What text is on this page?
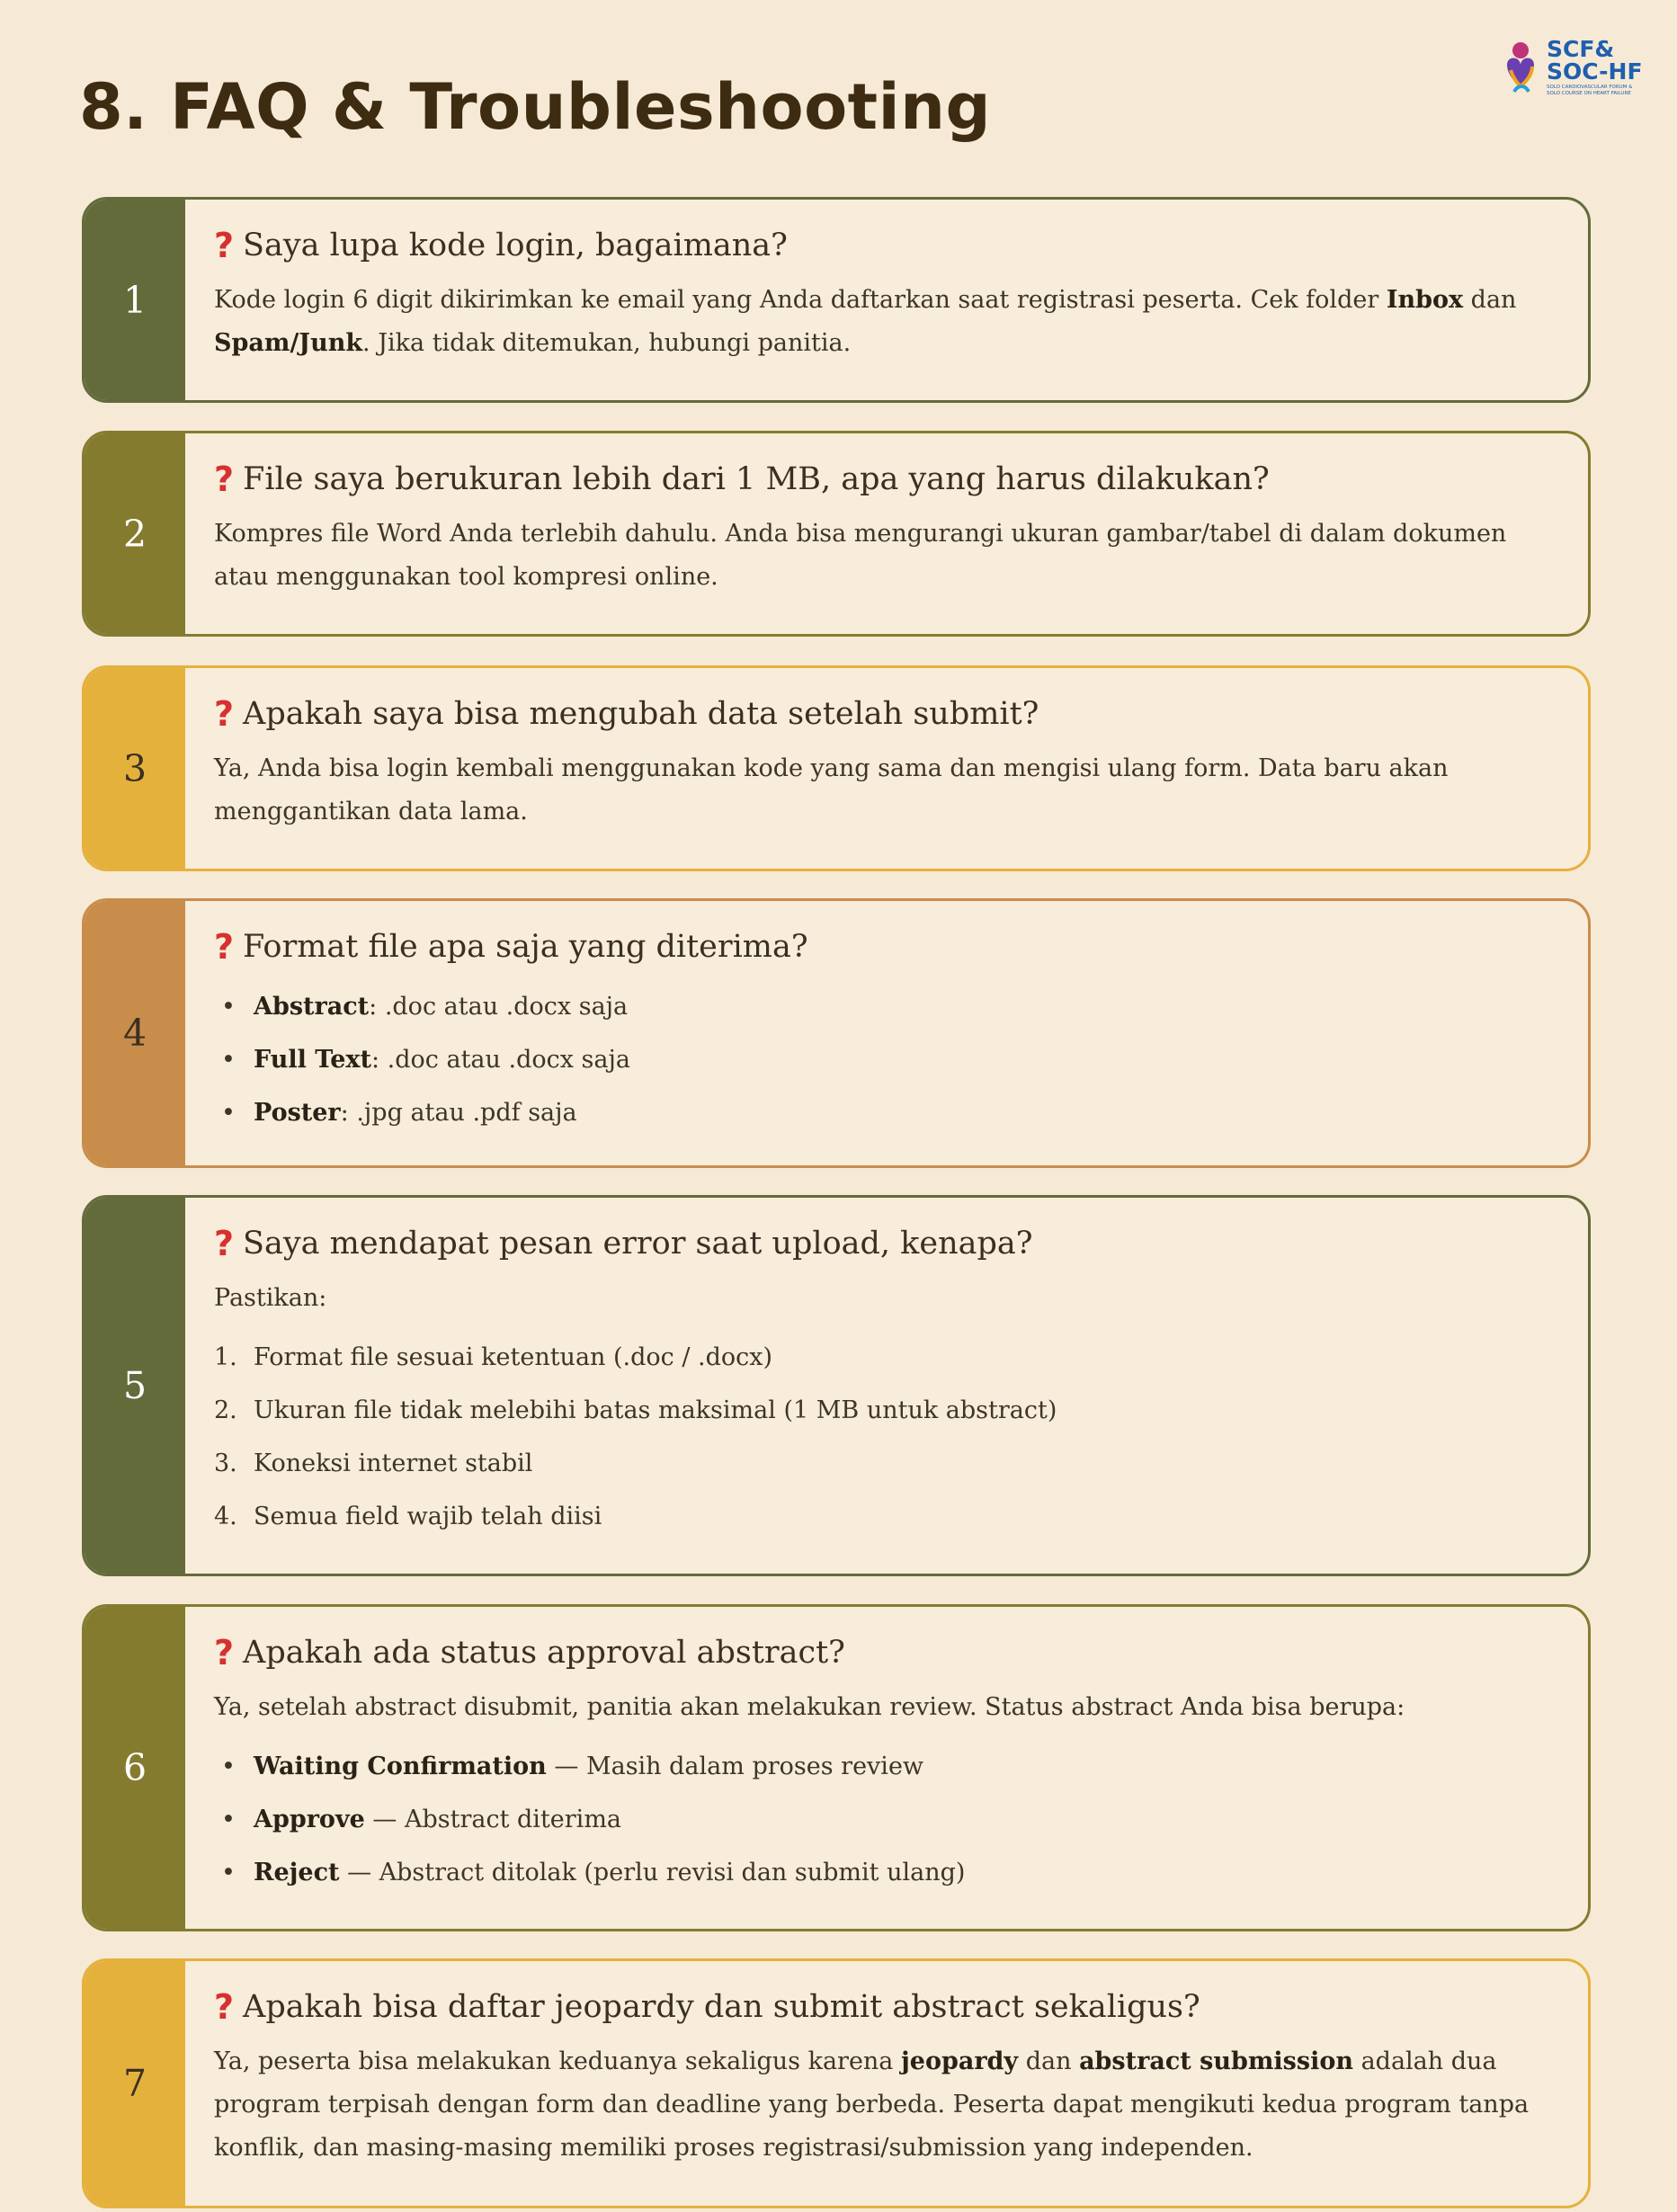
8. FAQ & Troubleshooting
SCF&
SOC-HF
SOLO CARDIOVASCULAR FORUM &
SOLO COURSE ON HEART FAILURE
1
? Saya lupa kode login, bagaimana?

Kode login 6 digit dikirimkan ke email yang Anda daftarkan saat registrasi peserta. Cek folder Inbox dan Spam/Junk. Jika tidak ditemukan, hubungi panitia.

2
? File saya berukuran lebih dari 1 MB, apa yang harus dilakukan?

Kompres file Word Anda terlebih dahulu. Anda bisa mengurangi ukuran gambar/tabel di dalam dokumen atau menggunakan tool kompresi online.

3
? Apakah saya bisa mengubah data setelah submit?

Ya, Anda bisa login kembali menggunakan kode yang sama dan mengisi ulang form. Data baru akan menggantikan data lama.

4
? Format file apa saja yang diterima?
• Abstract: .doc atau .docx saja
• Full Text: .doc atau .docx saja
• Poster: .jpg atau .pdf saja
5
? Saya mendapat pesan error saat upload, kenapa?

Pastikan:

1. Format file sesuai ketentuan (.doc / .docx)
2. Ukuran file tidak melebihi batas maksimal (1 MB untuk abstract)
3. Koneksi internet stabil
4. Semua field wajib telah diisi
6
? Apakah ada status approval abstract?

Ya, setelah abstract disubmit, panitia akan melakukan review. Status abstract Anda bisa berupa:

• Waiting Confirmation — Masih dalam proses review
• Approve — Abstract diterima
• Reject — Abstract ditolak (perlu revisi dan submit ulang)
7
? Apakah bisa daftar jeopardy dan submit abstract sekaligus?

Ya, peserta bisa melakukan keduanya sekaligus karena jeopardy dan abstract submission adalah dua program terpisah dengan form dan deadline yang berbeda. Peserta dapat mengikuti kedua program tanpa konflik, dan masing-masing memiliki proses registrasi/submission yang independen.
